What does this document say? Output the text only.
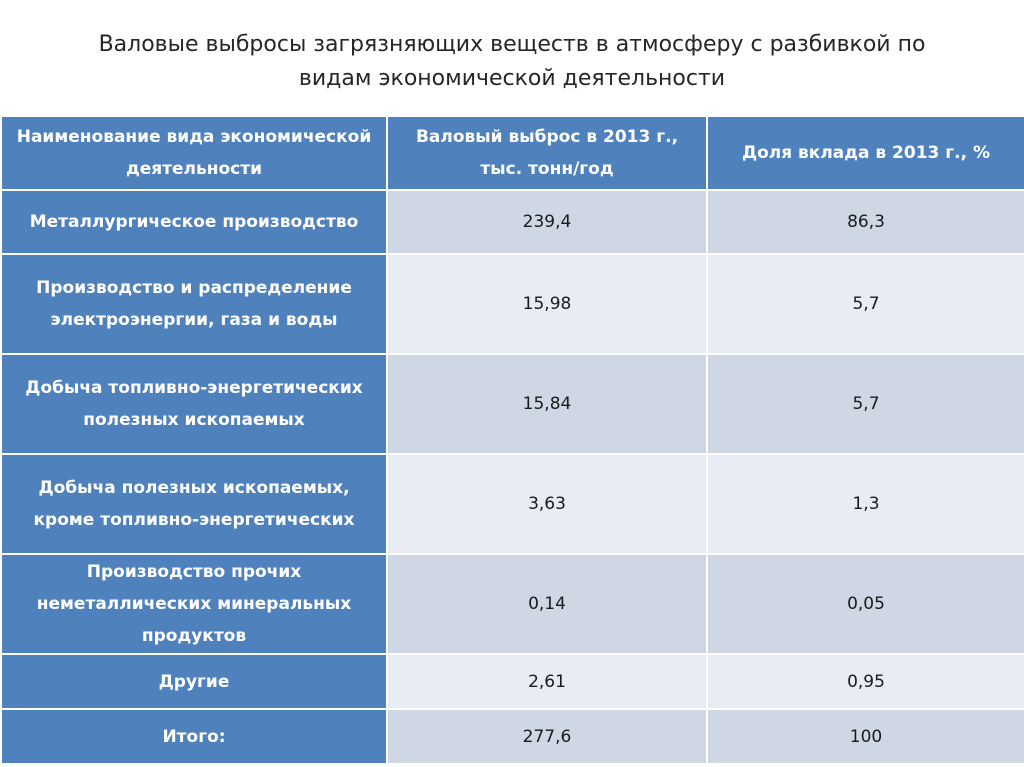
Валовые выбросы загрязняющих веществ в атмосферу с разбивкой по
видам экономической деятельности
Наименование вида экономической деятельности	Валовый выброс в 2013 г., тыс. тонн/год	Доля вклада в 2013 г., %
Металлургическое производство	239,4	86,3
Производство и распределение электроэнергии, газа и воды	15,98	5,7
Добыча топливно-энергетических полезных ископаемых	15,84	5,7
Добыча полезных ископаемых, кроме топливно-энергетических	3,63	1,3
Производство прочих неметаллических минеральных продуктов	0,14	0,05
Другие	2,61	0,95
Итого:	277,6	100
